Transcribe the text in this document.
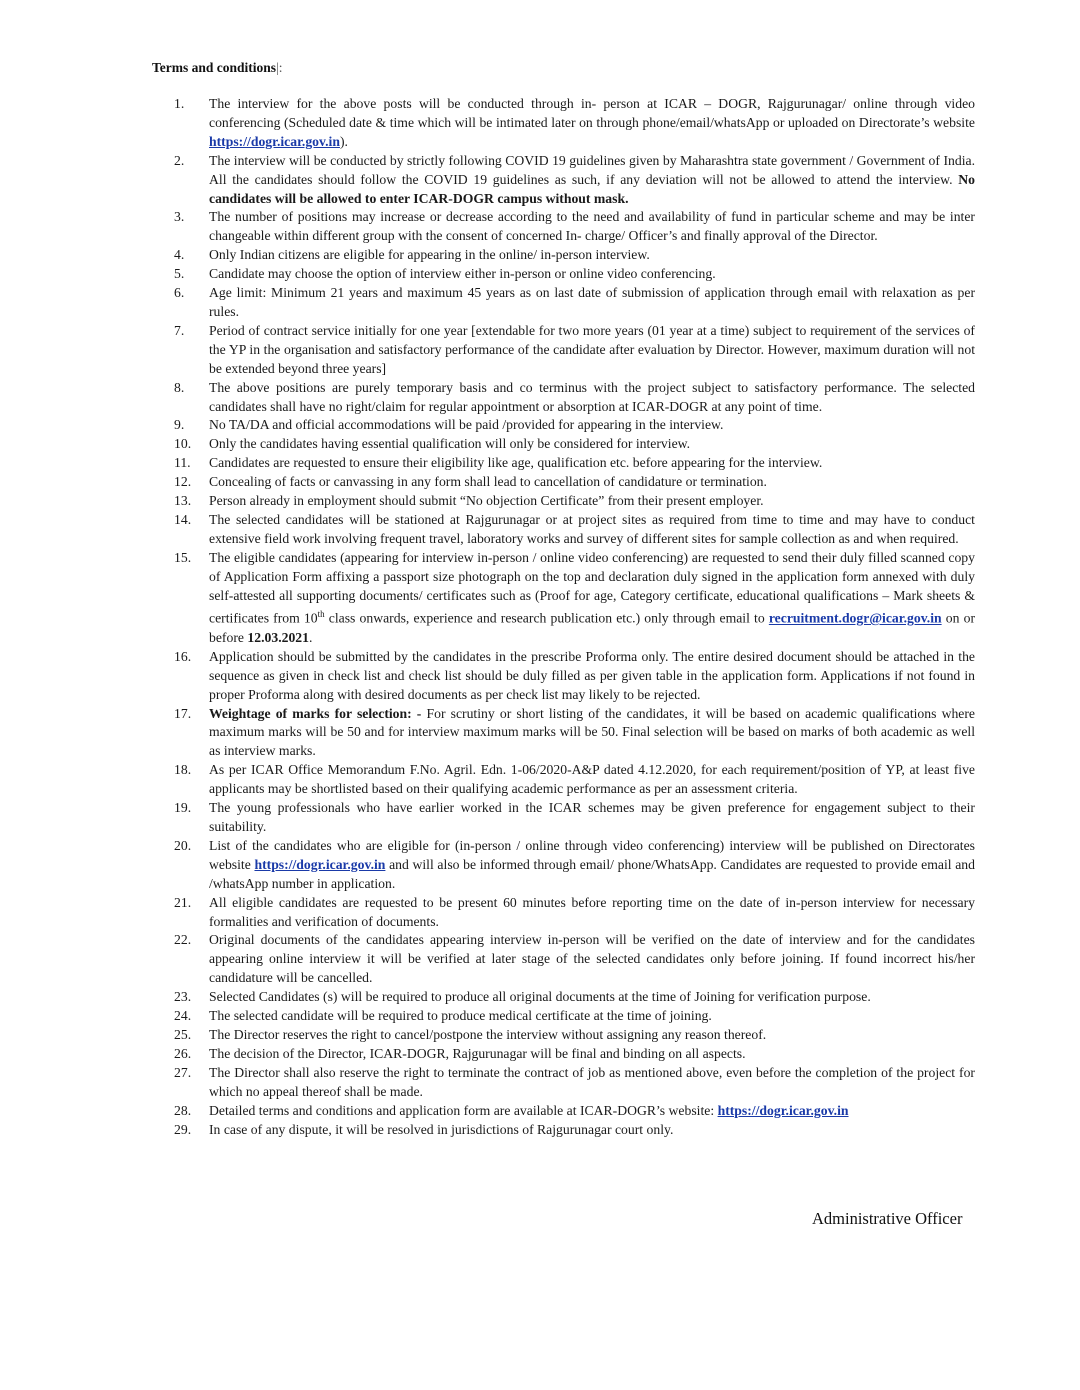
Terms and conditions|:
1.	The interview for the above posts will be conducted through in- person at ICAR – DOGR, Rajgurunagar/ online through video conferencing (Scheduled date & time which will be intimated later on through phone/email/whatsApp or uploaded on Directorate’s website https://dogr.icar.gov.in).
2.	The interview will be conducted by strictly following COVID 19 guidelines given by Maharashtra state government / Government of India. All the candidates should follow the COVID 19 guidelines as such, if any deviation will not be allowed to attend the interview. No candidates will be allowed to enter ICAR-DOGR campus without mask.
3.	The number of positions may increase or decrease according to the need and availability of fund in particular scheme and may be inter changeable within different group with the consent of concerned In- charge/ Officer’s and finally approval of the Director.
4.	Only Indian citizens are eligible for appearing in the online/ in-person interview.
5.	Candidate may choose the option of interview either in-person or online video conferencing.
6.	Age limit: Minimum 21 years and maximum 45 years as on last date of submission of application through email with relaxation as per rules.
7.	Period of contract service initially for one year [extendable for two more years (01 year at a time) subject to requirement of the services of the YP in the organisation and satisfactory performance of the candidate after evaluation by Director. However, maximum duration will not be extended beyond three years]
8.	The above positions are purely temporary basis and co terminus with the project subject to satisfactory performance. The selected candidates shall have no right/claim for regular appointment or absorption at ICAR-DOGR at any point of time.
9.	No TA/DA and official accommodations will be paid /provided for appearing in the interview.
10.	Only the candidates having essential qualification will only be considered for interview.
11.	Candidates are requested to ensure their eligibility like age, qualification etc. before appearing for the interview.
12.	Concealing of facts or canvassing in any form shall lead to cancellation of candidature or termination.
13.	Person already in employment should submit “No objection Certificate” from their present employer.
14.	The selected candidates will be stationed at Rajgurunagar or at project sites as required from time to time and may have to conduct extensive field work involving frequent travel, laboratory works and survey of different sites for sample collection as and when required.
15.	The eligible candidates (appearing for interview in-person / online video conferencing) are requested to send their duly filled scanned copy of Application Form affixing a passport size photograph on the top and declaration duly signed in the application form annexed with duly self-attested all supporting documents/ certificates such as (Proof for age, Category certificate, educational qualifications – Mark sheets & certificates from 10th class onwards, experience and research publication etc.) only through email to recruitment.dogr@icar.gov.in on or before 12.03.2021.
16.	Application should be submitted by the candidates in the prescribe Proforma only. The entire desired document should be attached in the sequence as given in check list and check list should be duly filled as per given table in the application form. Applications if not found in proper Proforma along with desired documents as per check list may likely to be rejected.
17.	Weightage of marks for selection: - For scrutiny or short listing of the candidates, it will be based on academic qualifications where maximum marks will be 50 and for interview maximum marks will be 50. Final selection will be based on marks of both academic as well as interview marks.
18.	As per ICAR Office Memorandum F.No. Agril. Edn. 1-06/2020-A&P dated 4.12.2020, for each requirement/position of YP, at least five applicants may be shortlisted based on their qualifying academic performance as per an assessment criteria.
19.	The young professionals who have earlier worked in the ICAR schemes may be given preference for engagement subject to their suitability.
20.	List of the candidates who are eligible for (in-person / online through video conferencing) interview will be published on Directorates website https://dogr.icar.gov.in and will also be informed through email/ phone/WhatsApp. Candidates are requested to provide email and /whatsApp number in application.
21.	All eligible candidates are requested to be present 60 minutes before reporting time on the date of in-person interview for necessary formalities and verification of documents.
22.	Original documents of the candidates appearing interview in-person will be verified on the date of interview and for the candidates appearing online interview it will be verified at later stage of the selected candidates only before joining. If found incorrect his/her candidature will be cancelled.
23.	Selected Candidates (s) will be required to produce all original documents at the time of Joining for verification purpose.
24.	The selected candidate will be required to produce medical certificate at the time of joining.
25.	The Director reserves the right to cancel/postpone the interview without assigning any reason thereof.
26.	The decision of the Director, ICAR-DOGR, Rajgurunagar will be final and binding on all aspects.
27.	The Director shall also reserve the right to terminate the contract of job as mentioned above, even before the completion of the project for which no appeal thereof shall be made.
28.	Detailed terms and conditions and application form are available at ICAR-DOGR’s website: https://dogr.icar.gov.in
29.	In case of any dispute, it will be resolved in jurisdictions of Rajgurunagar court only.
Administrative Officer
